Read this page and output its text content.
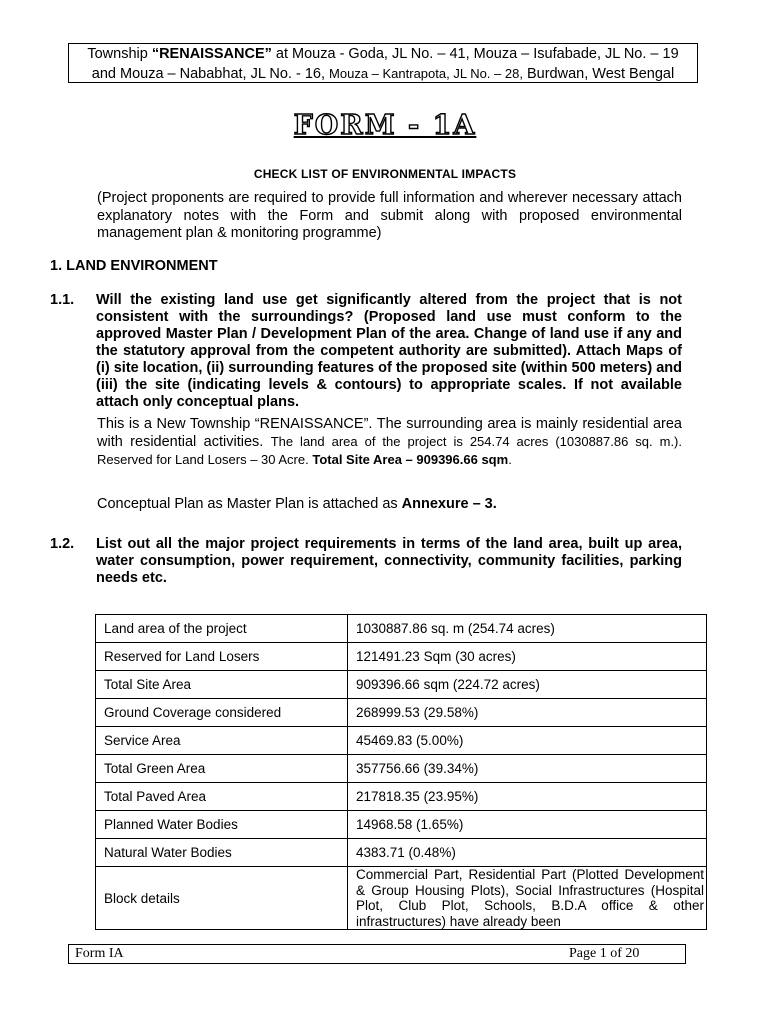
Township “RENAISSANCE” at Mouza - Goda, JL No. – 41, Mouza – Isufabade, JL No. – 19
and Mouza – Nababhat, JL No. - 16, Mouza – Kantrapota, JL No. – 28, Burdwan, West Bengal
FORM - 1A
CHECK LIST OF ENVIRONMENTAL IMPACTS
(Project proponents are required to provide full information and wherever necessary attach explanatory notes with the Form and submit along with proposed environmental management plan & monitoring programme)
1. LAND ENVIRONMENT
1.1. Will the existing land use get significantly altered from the project that is not consistent with the surroundings? (Proposed land use must conform to the approved Master Plan / Development Plan of the area. Change of land use if any and the statutory approval from the competent authority are submitted). Attach Maps of (i) site location, (ii) surrounding features of the proposed site (within 500 meters) and (iii) the site (indicating levels & contours) to appropriate scales. If not available attach only conceptual plans.
This is a New Township “RENAISSANCE”. The surrounding area is mainly residential area with residential activities. The land area of the project is 254.74 acres (1030887.86 sq. m.). Reserved for Land Losers – 30 Acre. Total Site Area – 909396.66 sqm.
Conceptual Plan as Master Plan is attached as Annexure – 3.
1.2. List out all the major project requirements in terms of the land area, built up area, water consumption, power requirement, connectivity, community facilities, parking needs etc.
Land area of the project	1030887.86 sq. m (254.74 acres)
Reserved for Land Losers	121491.23 Sqm (30 acres)
Total Site Area	909396.66 sqm (224.72 acres)
Ground Coverage considered	268999.53 (29.58%)
Service Area	45469.83 (5.00%)
Total Green Area	357756.66 (39.34%)
Total Paved Area	217818.35 (23.95%)
Planned Water Bodies	14968.58 (1.65%)
Natural Water Bodies	4383.71 (0.48%)
Block details	Commercial Part, Residential Part (Plotted Development & Group Housing Plots), Social Infrastructures (Hospital Plot, Club Plot, Schools, B.D.A office & other infrastructures) have already been
Form IA	Page 1 of 20
